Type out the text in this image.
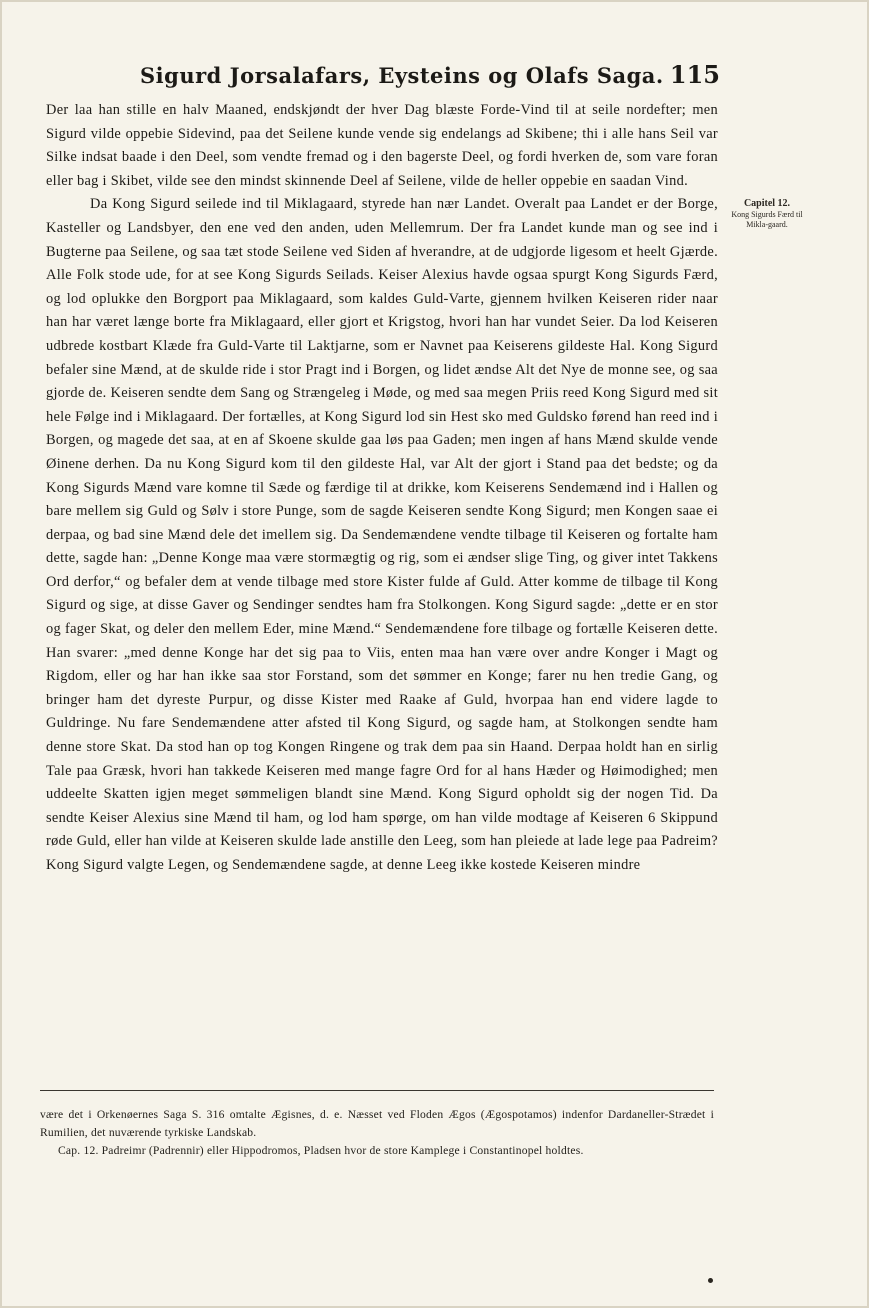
Sigurd Jorsalafars, Eysteins og Olafs Saga. 115
Capitel 12.
Kong Sigurds Færd til Mikla-gaard.

Der laa han stille en halv Maaned, endskjøndt der hver Dag blæste Forde-Vind til at seile nordefter; men Sigurd vilde oppebie Sidevind, paa det Seilene kunde vende sig endelangs ad Skibene; thi i alle hans Seil var Silke indsat baade i den Deel, som vendte fremad og i den bagerste Deel, og fordi hverken de, som vare foran eller bag i Skibet, vilde see den mindst skinnende Deel af Seilene, vilde de heller oppebie en saadan Vind.

Da Kong Sigurd seilede ind til Miklagaard, styrede han nær Landet. Overalt paa Landet er der Borge, Kasteller og Landsbyer, den ene ved den anden, uden Mellemrum. Der fra Landet kunde man og see ind i Bugterne paa Seilene, og saa tæt stode Seilene ved Siden af hverandre, at de udgjorde ligesom et heelt Gjærde. Alle Folk stode ude, for at see Kong Sigurds Seilads. Keiser Alexius havde ogsaa spurgt Kong Sigurds Færd, og lod oplukke den Borgport paa Miklagaard, som kaldes Guld-Varte, gjennem hvilken Keiseren rider naar han har været længe borte fra Miklagaard, eller gjort et Krigstog, hvori han har vundet Seier. Da lod Keiseren udbrede kostbart Klæde fra Guld-Varte til Laktjarne, som er Navnet paa Keiserens gildeste Hal. Kong Sigurd befaler sine Mænd, at de skulde ride i stor Pragt ind i Borgen, og lidet ændse Alt det Nye de monne see, og saa gjorde de. Keiseren sendte dem Sang og Strængeleg i Møde, og med saa megen Priis reed Kong Sigurd med sit hele Følge ind i Miklagaard. Der fortælles, at Kong Sigurd lod sin Hest sko med Guldsko førend han reed ind i Borgen, og magede det saa, at en af Skoene skulde gaa løs paa Gaden; men ingen af hans Mænd skulde vende Øinene derhen. Da nu Kong Sigurd kom til den gildeste Hal, var Alt der gjort i Stand paa det bedste; og da Kong Sigurds Mænd vare komne til Sæde og færdige til at drikke, kom Keiserens Sendemænd ind i Hallen og bare mellem sig Guld og Sølv i store Punge, som de sagde Keiseren sendte Kong Sigurd; men Kongen saae ei derpaa, og bad sine Mænd dele det imellem sig. Da Sendemændene vendte tilbage til Keiseren og fortalte ham dette, sagde han: „Denne Konge maa være stormægtig og rig, som ei ændser slige Ting, og giver intet Takkens Ord derfor,“ og befaler dem at vende tilbage med store Kister fulde af Guld. Atter komme de tilbage til Kong Sigurd og sige, at disse Gaver og Sendinger sendtes ham fra Stolkongen. Kong Sigurd sagde: „dette er en stor og fager Skat, og deler den mellem Eder, mine Mænd.“ Sendemændene fore tilbage og fortælle Keiseren dette. Han svarer: „med denne Konge har det sig paa to Viis, enten maa han være over andre Konger i Magt og Rigdom, eller og har han ikke saa stor Forstand, som det sømmer en Konge; farer nu hen tredie Gang, og bringer ham det dyreste Purpur, og disse Kister med Raake af Guld, hvorpaa han end videre lagde to Guldringe. Nu fare Sendemændene atter afsted til Kong Sigurd, og sagde ham, at Stolkongen sendte ham denne store Skat. Da stod han op tog Kongen Ringene og trak dem paa sin Haand. Derpaa holdt han en sirlig Tale paa Græsk, hvori han takkede Keiseren med mange fagre Ord for al hans Hæder og Høimodighed; men uddeelte Skatten igjen meget sømmeligen blandt sine Mænd. Kong Sigurd opholdt sig der nogen Tid. Da sendte Keiser Alexius sine Mænd til ham, og lod ham spørge, om han vilde modtage af Keiseren 6 Skippund røde Guld, eller han vilde at Keiseren skulde lade anstille den Leeg, som han pleiede at lade lege paa Padreim? Kong Sigurd valgte Legen, og Sendemændene sagde, at denne Leeg ikke kostede Keiseren mindre

være det i Orkenøernes Saga S. 316 omtalte Ægisnes, d. e. Næsset ved Floden Ægos (Ægospotamos) indenfor Dardaneller-Strædet i Rumilien, det nuværende tyrkiske Landskab.

Cap. 12. Padreimr (Padrennir) eller Hippodromos, Pladsen hvor de store Kamplege i Constantinopel holdtes.
